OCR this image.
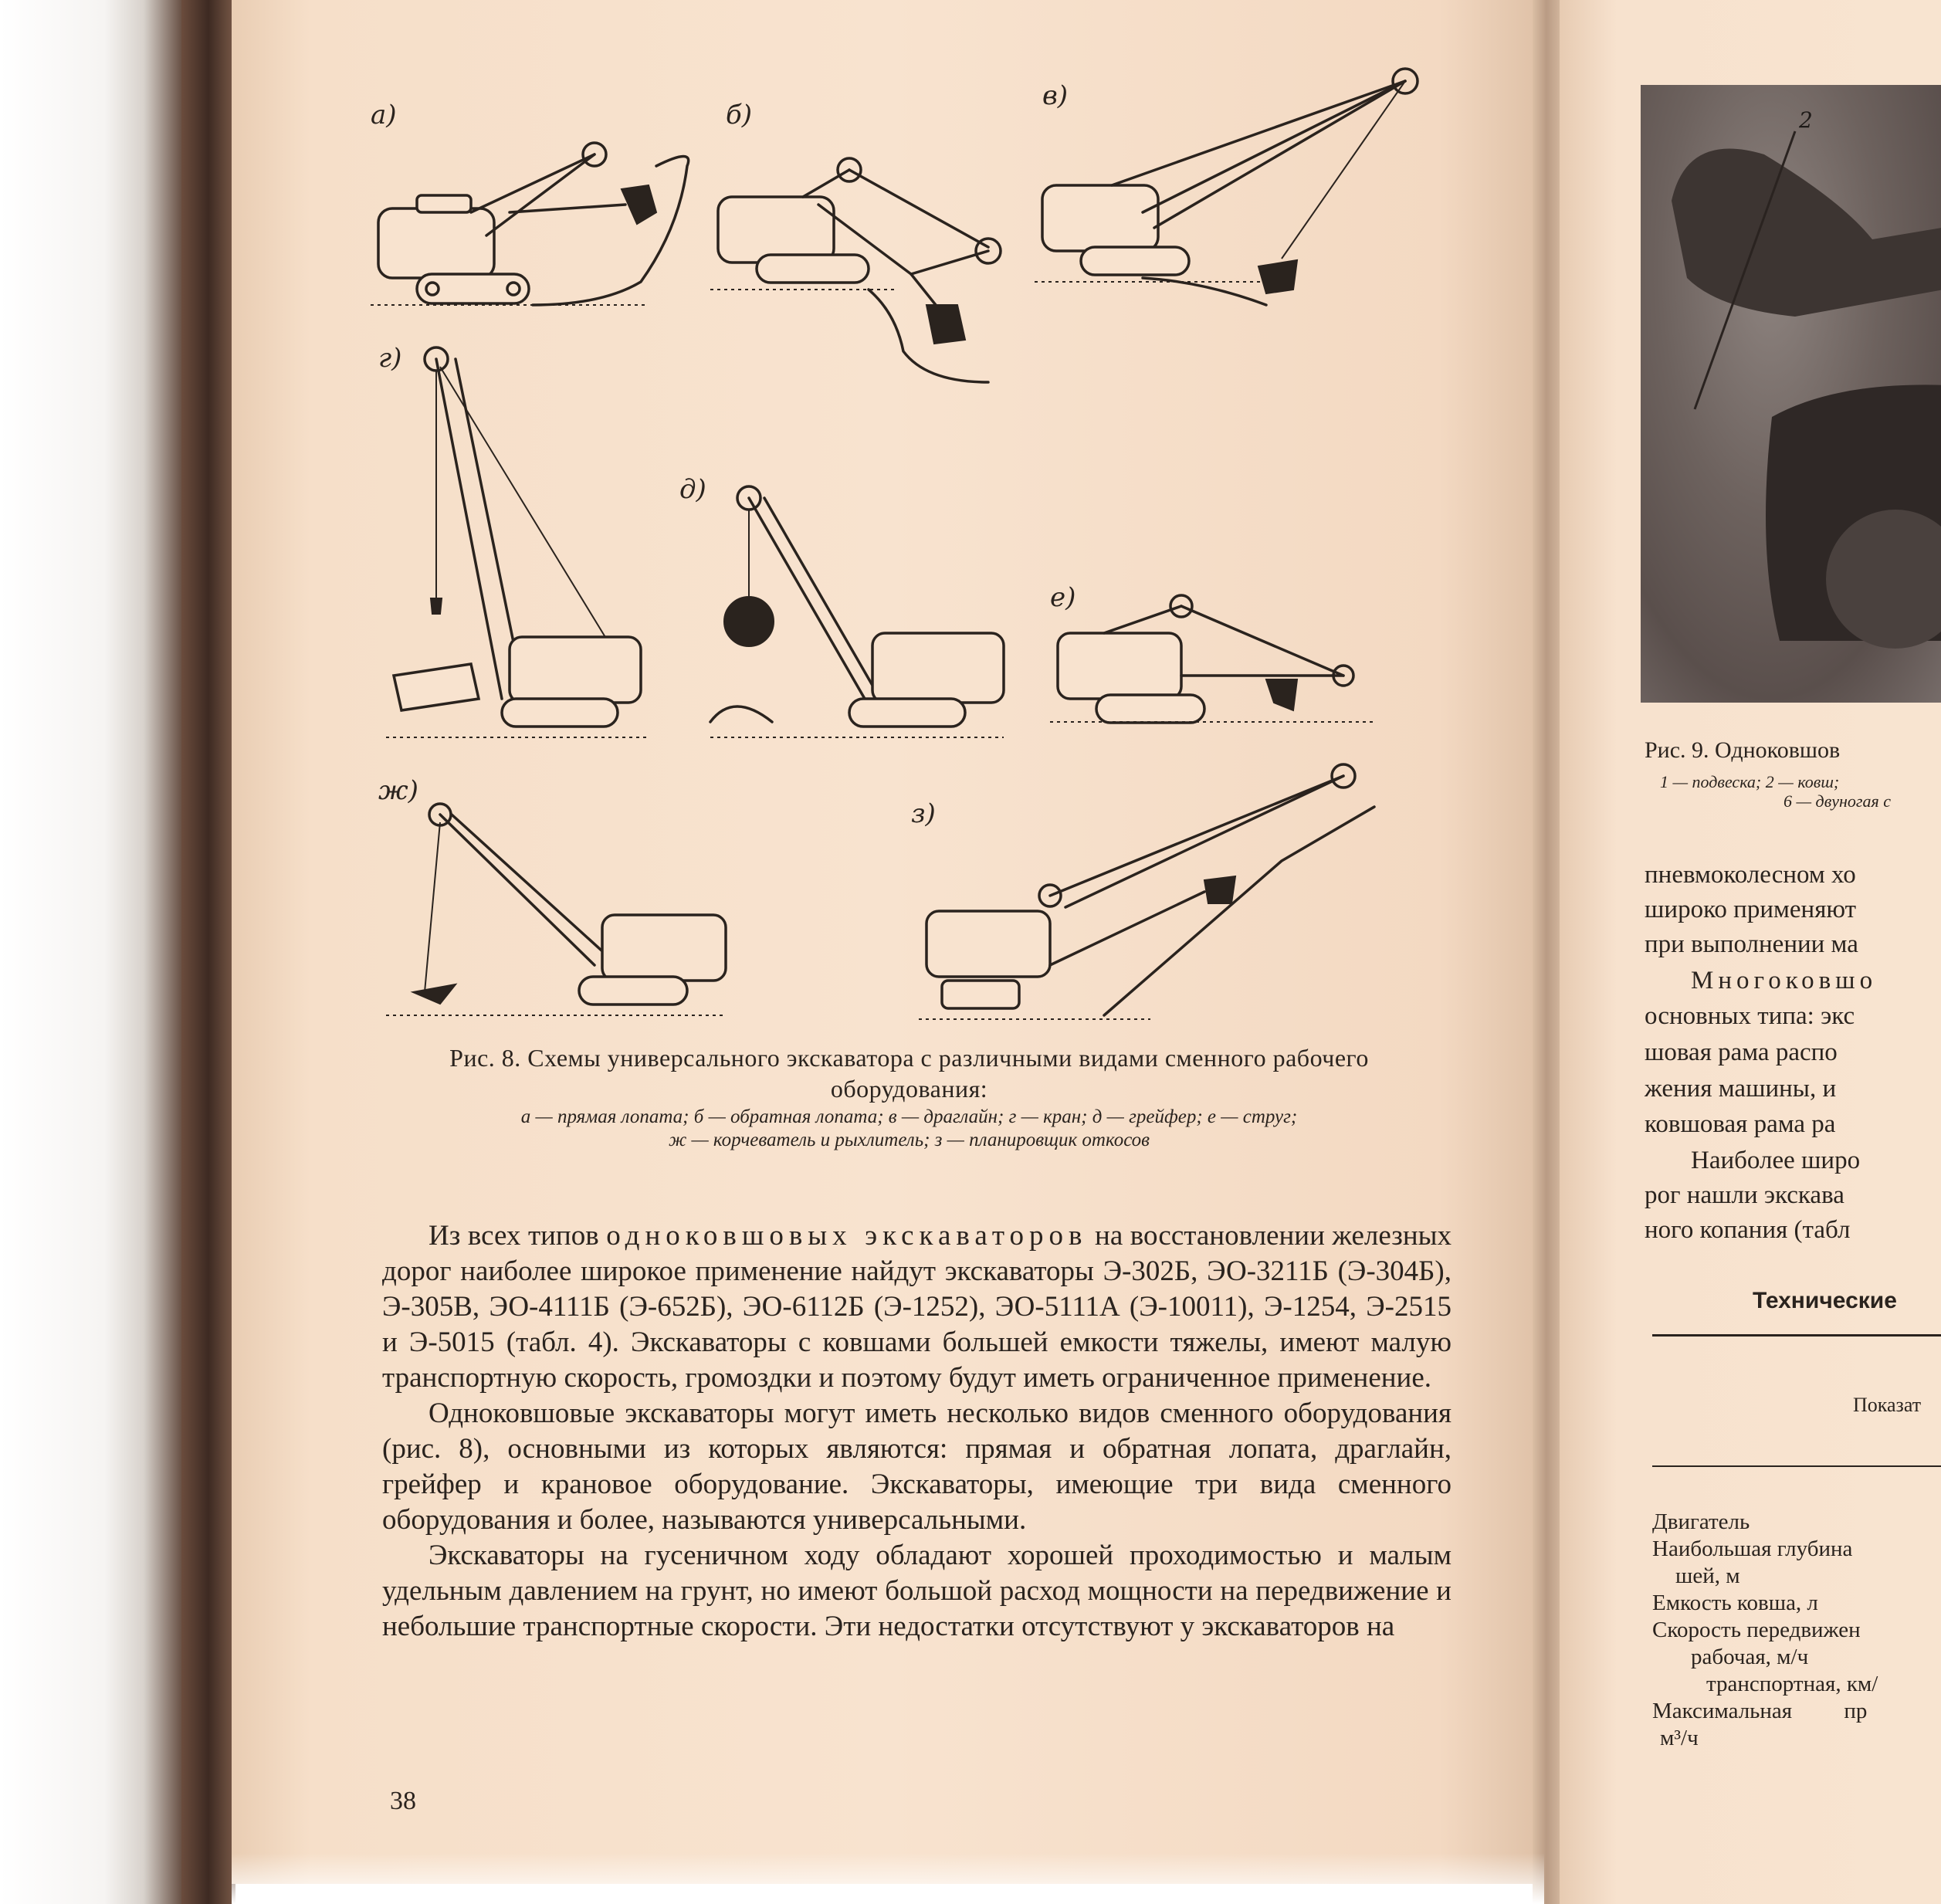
а)	б)
в)
г)
д)
е)
ж)
з)
Рис. 8. Схемы универсального экскаватора с различными видами сменного рабочего оборудования:
а — прямая лопата; б — обратная лопата; в — драглайн; г — кран; д — грейфер; е — струг;
ж — корчеватель и рыхлитель; з — планировщик откосов

Из всех типов одноковшовых экскаваторов на восстановлении железных дорог наиболее широкое применение найдут экскаваторы Э-302Б, ЭО-3211Б (Э-304Б), Э-305В, ЭО-4111Б (Э-652Б), ЭО-6112Б (Э-1252), ЭО-5111А (Э-10011), Э-1254, Э-2515 и Э-5015 (табл. 4). Экскаваторы с ковшами большей емкости тяжелы, имеют малую транспортную скорость, громоздки и поэтому будут иметь ограниченное применение.

Одноковшовые экскаваторы могут иметь несколько видов сменного оборудования (рис. 8), основными из которых являются: прямая и обратная лопата, драглайн, грейфер и крановое оборудование. Экскаваторы, имеющие три вида сменного оборудования и более, называются универсальными.

Экскаваторы на гусеничном ходу обладают хорошей проходимостью и малым удельным давлением на грунт, но имеют большой расход мощности на передвижение и небольшие транспортные скорости. Эти недостатки отсутствуют у экскаваторов на

38
2
Рис. 9. Одноковшов
1 — подвеска; 2 — ковш;
6 — двуногая с
пневмоколесном хо
широко применяют
при выполнении ма
Многоковшо
основных типа: экс
шовая рама распо
жения машины, и
ковшовая рама ра
Наиболее широ
рог нашли экскава
ного копания (табл
Технические
Показат
Двигатель
Наибольшая глубина
шей, м
Емкость ковша, л
Скорость передвижен
рабочая, м/ч
транспортная, км/
Максимальная пр
м³/ч
